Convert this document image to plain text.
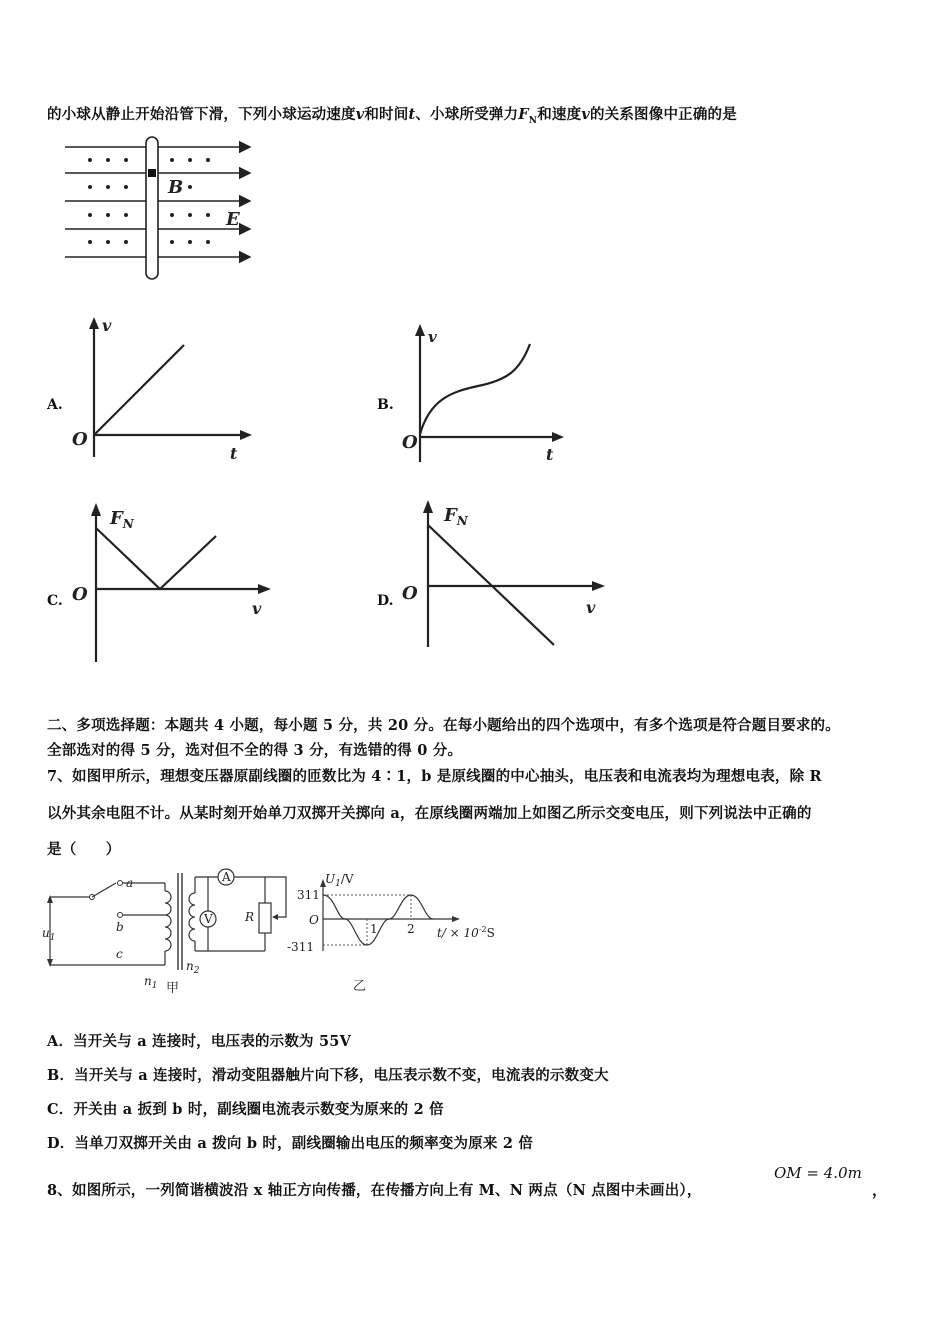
的小球从静止开始沿管下滑，下列小球运动速度v和时间t、小球所受弹力$F_N$和速度v的关系图像中正确的是
B
E
A.
v
t
O
B.
v
t
O
C.
$F_N$
v
O	D.
$F_N$
v
O
二、多项选择题：本题共 4 小题，每小题 5 分，共 20 分。在每小题给出的四个选项中，有多个选项是符合题目要求的。
全部选对的得 5 分，选对但不全的得 3 分，有选错的得 0 分。
7、如图甲所示，理想变压器原副线圈的匝数比为 4∶1，b 是原线圈的中心抽头，电压表和电流表均为理想电表，除 R
以外其余电阻不计。从某时刻开始单刀双掷开关掷向 a，在原线圈两端加上如图乙所示交变电压，则下列说法中正确的
是（　　）
$u_1$
a
b
c
$n_1$
$n_2$
A
V	R
甲
$U_1/V$
311
-311
O
1 2 $t/ \times 10^{-2}S$
乙
A．当开关与 a 连接时，电压表的示数为 55V
B．当开关与 a 连接时，滑动变阻器触片向下移，电压表示数不变，电流表的示数变大
C．开关由 a 扳到 b 时，副线圈电流表示数变为原来的 2 倍
D．当单刀双掷开关由 a 拨向 b 时，副线圈输出电压的频率变为原来 2 倍
8、如图所示，一列简谐横波沿 x 轴正方向传播，在传播方向上有 M、N 两点（N 点图中未画出），
OM = 4.0m
，
